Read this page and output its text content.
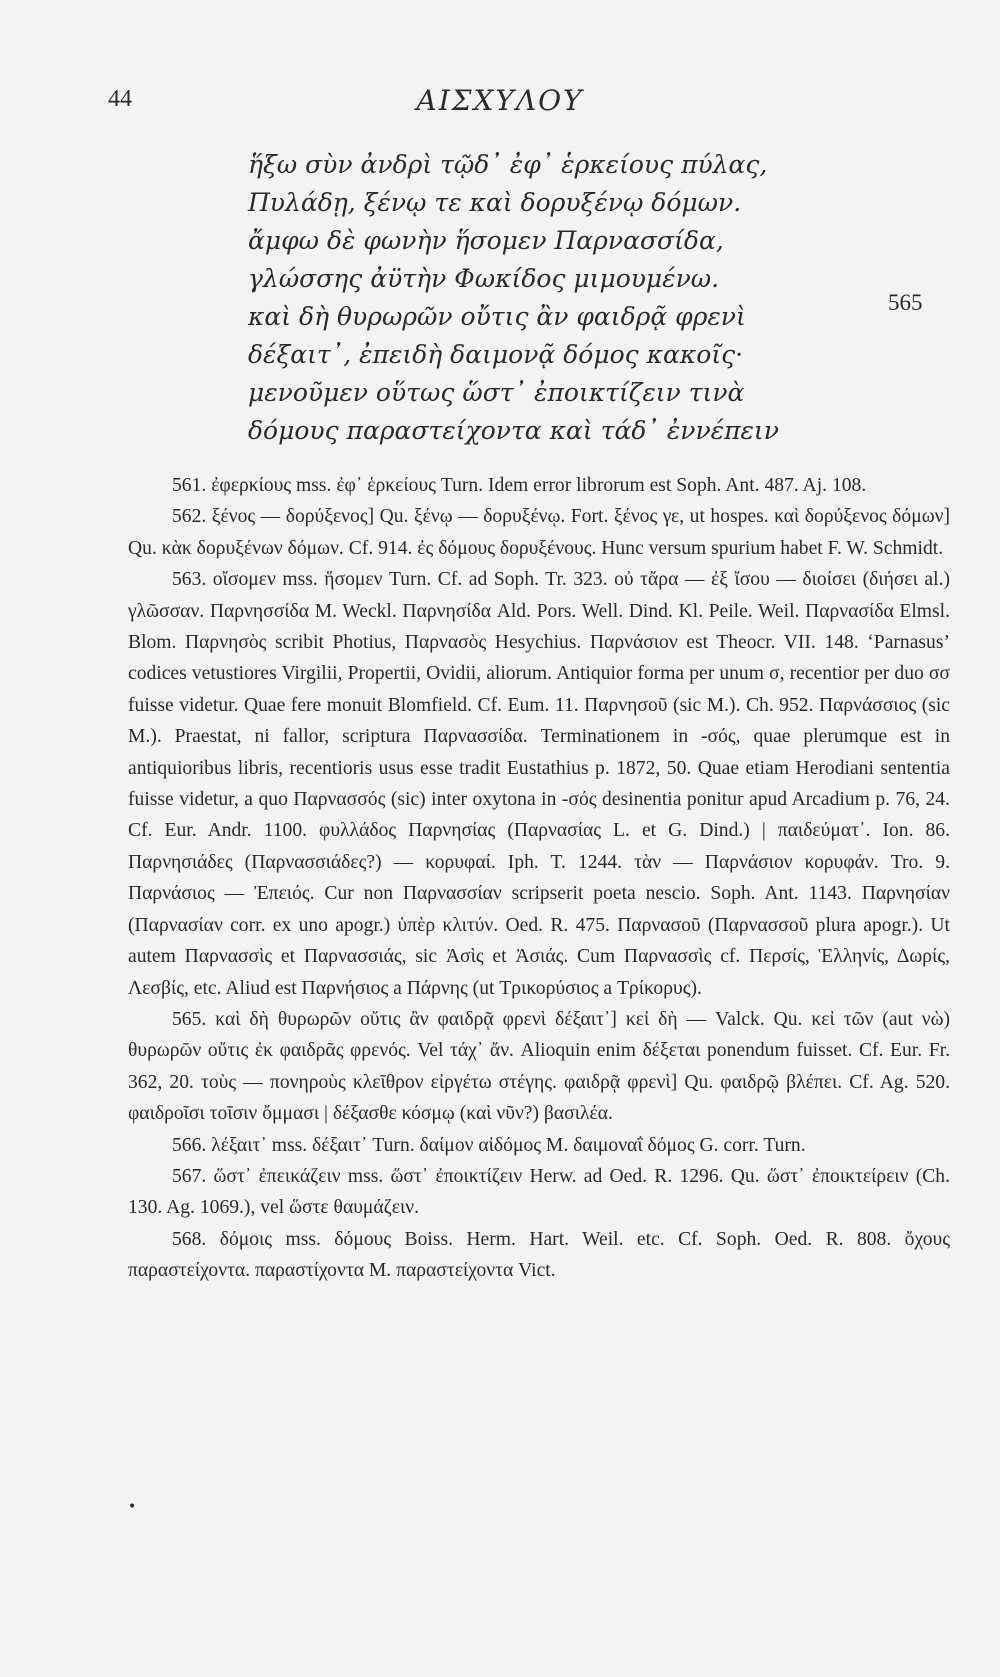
44	ΑΙΣΧΥΛΟΥ
ἥξω σὺν ἀνδρὶ τῷδ᾽ ἐφ᾽ ἑρκείους πύλας,
Πυλάδῃ, ξένῳ τε καὶ δορυξένῳ δόμων.
ἄμφω δὲ φωνὴν ἥσομεν Παρνασσίδα,
γλώσσης ἀϋτὴν Φωκίδος μιμουμένω.
καὶ δὴ θυρωρῶν οὔτις ἂν φαιδρᾷ φρενὶ
δέξαιτ᾽, ἐπειδὴ δαιμονᾷ δόμος κακοῖς·
μενοῦμεν οὕτως ὥστ᾽ ἐποικτίζειν τινὰ
δόμους παραστείχοντα καὶ τάδ᾽ ἐννέπειν
565

561. ἐφερκίους mss. ἐφ᾽ ἑρκείους Turn. Idem error librorum est Soph. Ant. 487. Aj. 108.

562. ξένος — δορύξενος] Qu. ξένῳ — δορυξένῳ. Fort. ξένος γε, ut hospes. καὶ δορύξενος δόμων] Qu. κὰκ δορυξένων δόμων. Cf. 914. ἐς δόμους δορυξένους. Hunc versum spurium habet F. W. Schmidt.

563. οἴσομεν mss. ἥσομεν Turn. Cf. ad Soph. Tr. 323. οὐ τἄρα — ἐξ ἴσου — διοίσει (διήσει al.) γλῶσσαν. Παρνησσίδα M. Weckl. Παρνησίδα Ald. Pors. Well. Dind. Kl. Peile. Weil. Παρνασίδα Elmsl. Blom. Παρνησὸς scribit Photius, Παρνασὸς Hesychius. Παρνάσιον est Theocr. VII. 148. ‘Parnasus’ codices vetustiores Virgilii, Propertii, Ovidii, aliorum. Antiquior forma per unum σ, recentior per duo σσ fuisse videtur. Quae fere monuit Blomfield. Cf. Eum. 11. Παρνησοῦ (sic M.). Ch. 952. Παρνάσσιος (sic M.). Praestat, ni fallor, scriptura Παρνασσίδα. Terminationem in -σός, quae plerumque est in antiquioribus libris, recentioris usus esse tradit Eustathius p. 1872, 50. Quae etiam Herodiani sententia fuisse videtur, a quo Παρνασσός (sic) inter oxytona in -σός desinentia ponitur apud Arcadium p. 76, 24. Cf. Eur. Andr. 1100. φυλλάδος Παρνησίας (Παρνασίας L. et G. Dind.) | παιδεύματ᾽. Ion. 86. Παρνησιάδες (Παρνασσιάδες?) — κορυφαί. Iph. T. 1244. τὰν — Παρνάσιον κορυφάν. Tro. 9. Παρνάσιος — Ἐπειός. Cur non Παρνασσίαν scripserit poeta nescio. Soph. Ant. 1143. Παρνησίαν (Παρνασίαν corr. ex uno apogr.) ὑπὲρ κλιτύν. Oed. R. 475. Παρνασοῦ (Παρνασσοῦ plura apogr.). Ut autem Παρνασσὶς et Παρνασσιάς, sic Ἀσὶς et Ἀσιάς. Cum Παρνασσὶς cf. Περσίς, Ἑλληνίς, Δωρίς, Λεσβίς, etc. Aliud est Παρνήσιος a Πάρνης (ut Τρικορύσιος a Τρίκορυς).

565. καὶ δὴ θυρωρῶν οὔτις ἂν φαιδρᾷ φρενὶ δέξαιτ᾽] κεἰ δὴ — Valck. Qu. κεἰ τῶν (aut νὼ) θυρωρῶν οὔτις ἐκ φαιδρᾶς φρενός. Vel τάχ᾽ ἄν. Alioquin enim δέξεται ponendum fuisset. Cf. Eur. Fr. 362, 20. τοὺς — πονηροὺς κλεῖθρον εἰργέτω στέγης. φαιδρᾷ φρενὶ] Qu. φαιδρῷ βλέπει. Cf. Ag. 520. φαιδροῖσι τοῖσιν ὄμμασι | δέξασθε κόσμῳ (καὶ νῦν?) βασιλέα.

566. λέξαιτ᾽ mss. δέξαιτ᾽ Turn. δαίμον αἰδόμος M. δαιμοναΐ δόμος G. corr. Turn.

567. ὥστ᾽ ἐπεικάζειν mss. ὥστ᾽ ἐποικτίζειν Herw. ad Oed. R. 1296. Qu. ὥστ᾽ ἐποικτείρειν (Ch. 130. Ag. 1069.), vel ὥστε θαυμάζειν.

568. δόμοις mss. δόμους Boiss. Herm. Hart. Weil. etc. Cf. Soph. Oed. R. 808. ὄχους παραστείχοντα. παραστίχοντα M. παραστείχοντα Vict.

•
